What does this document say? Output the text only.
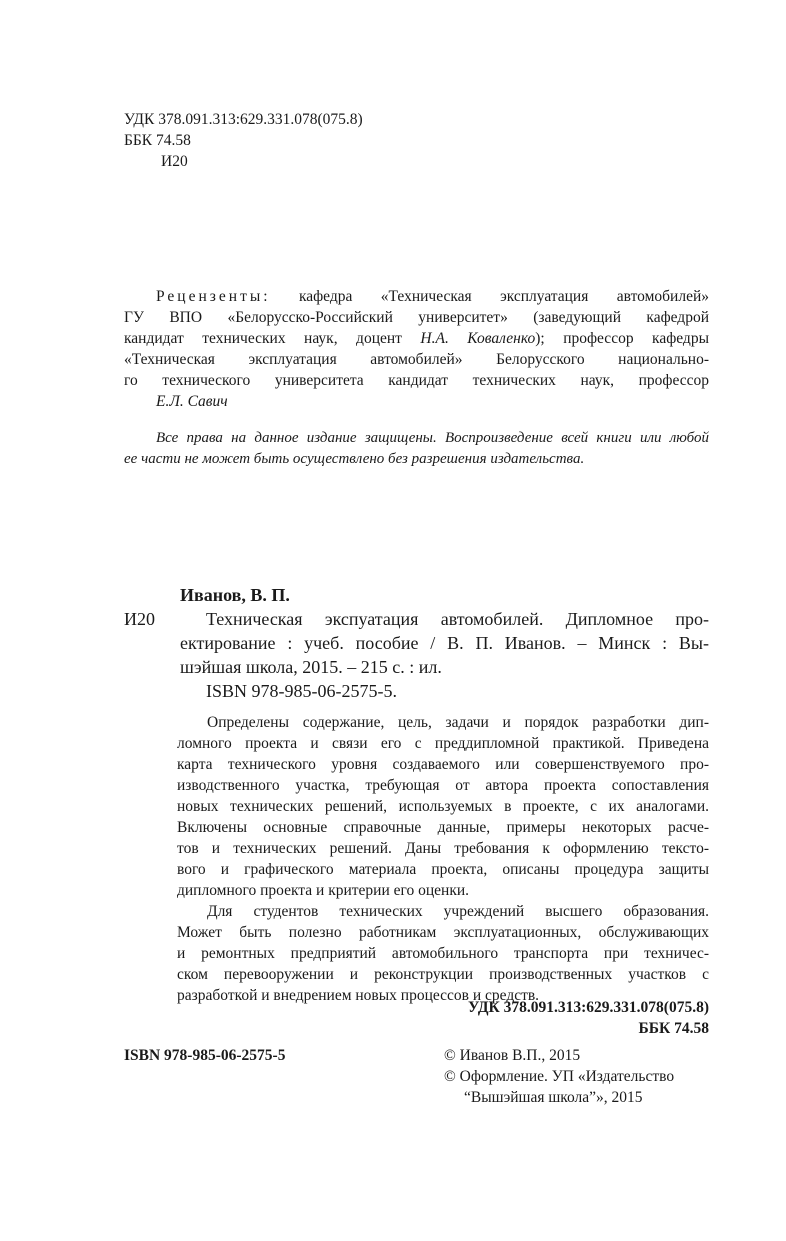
УДК 378.091.313:629.331.078(075.8)
ББК 74.58
И20
Рецензенты: кафедра «Техническая эксплуатация автомобилей»
ГУ ВПО «Белорусско-Российский университет» (заведующий кафедрой
кандидат технических наук, доцент Н.А. Коваленко); профессор кафедры
«Техническая эксплуатация автомобилей» Белорусского национально-
го технического университета кандидат технических наук, профессор
Е.Л. Савич
Все права на данное издание защищены. Воспроизведение всей книги или любой
ее части не может быть осуществлено без разрешения издательства.
Иванов, В. П.
И20	Техническая экспуатация автомобилей. Дипломное про-
ектирование : учеб. пособие / В. П. Иванов. – Минск : Вы-
шэйшая школа, 2015. – 215 с. : ил.
ISBN 978-985-06-2575-5.
Определены содержание, цель, задачи и порядок разработки дип-
ломного проекта и связи его с преддипломной практикой. Приведена
карта технического уровня создаваемого или совершенствуемого про-
изводственного участка, требующая от автора проекта сопоставления
новых технических решений, используемых в проекте, с их аналогами.
Включены основные справочные данные, примеры некоторых расче-
тов и технических решений. Даны требования к оформлению тексто-
вого и графического материала проекта, описаны процедура защиты
дипломного проекта и критерии его оценки.
Для студентов технических учреждений высшего образования.
Может быть полезно работникам эксплуатационных, обслуживающих
и ремонтных предприятий автомобильного транспорта при техничес-
ском перевооружении и реконструкции производственных участков с
разработкой и внедрением новых процессов и средств.
УДК 378.091.313:629.331.078(075.8)
ББК 74.58
ISBN 978-985-06-2575-5	© Иванов В.П., 2015
© Оформление. УП «Издательство
“Вышэйшая школа”», 2015
